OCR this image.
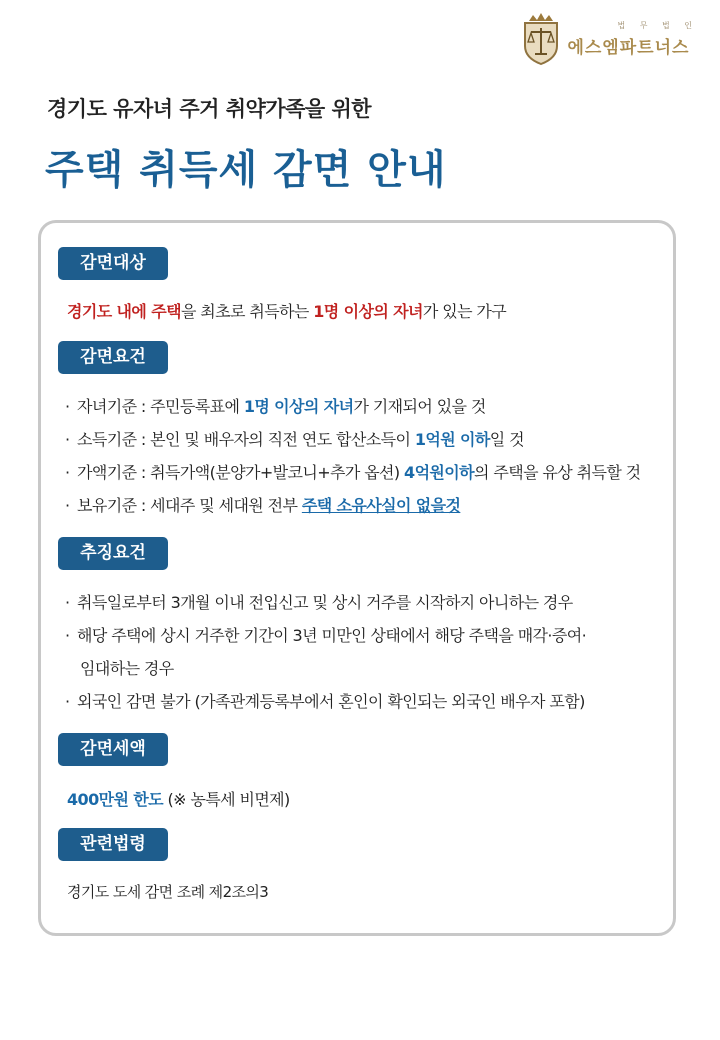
법 무 법 인
에스엠파트너스
경기도 유자녀 주거 취약가족을 위한
주택 취득세 감면 안내
감면대상
경기도 내에 주택을 최초로 취득하는 1명 이상의 자녀가 있는 가구
감면요건
· 자녀기준 : 주민등록표에 1명 이상의 자녀가 기재되어 있을 것
· 소득기준 : 본인 및 배우자의 직전 연도 합산소득이 1억원 이하일 것
· 가액기준 : 취득가액(분양가+발코니+추가 옵션) 4억원이하의 주택을 유상 취득할 것
· 보유기준 : 세대주 및 세대원 전부 주택 소유사실이 없을것
추징요건
· 취득일로부터 3개월 이내 전입신고 및 상시 거주를 시작하지 아니하는 경우
· 해당 주택에 상시 거주한 기간이 3년 미만인 상태에서 해당 주택을 매각·증여·
임대하는 경우
· 외국인 감면 불가 (가족관계등록부에서 혼인이 확인되는 외국인 배우자 포함)
감면세액
400만원 한도 (※ 농특세 비면제)
관련법령
경기도 도세 감면 조례 제2조의3
